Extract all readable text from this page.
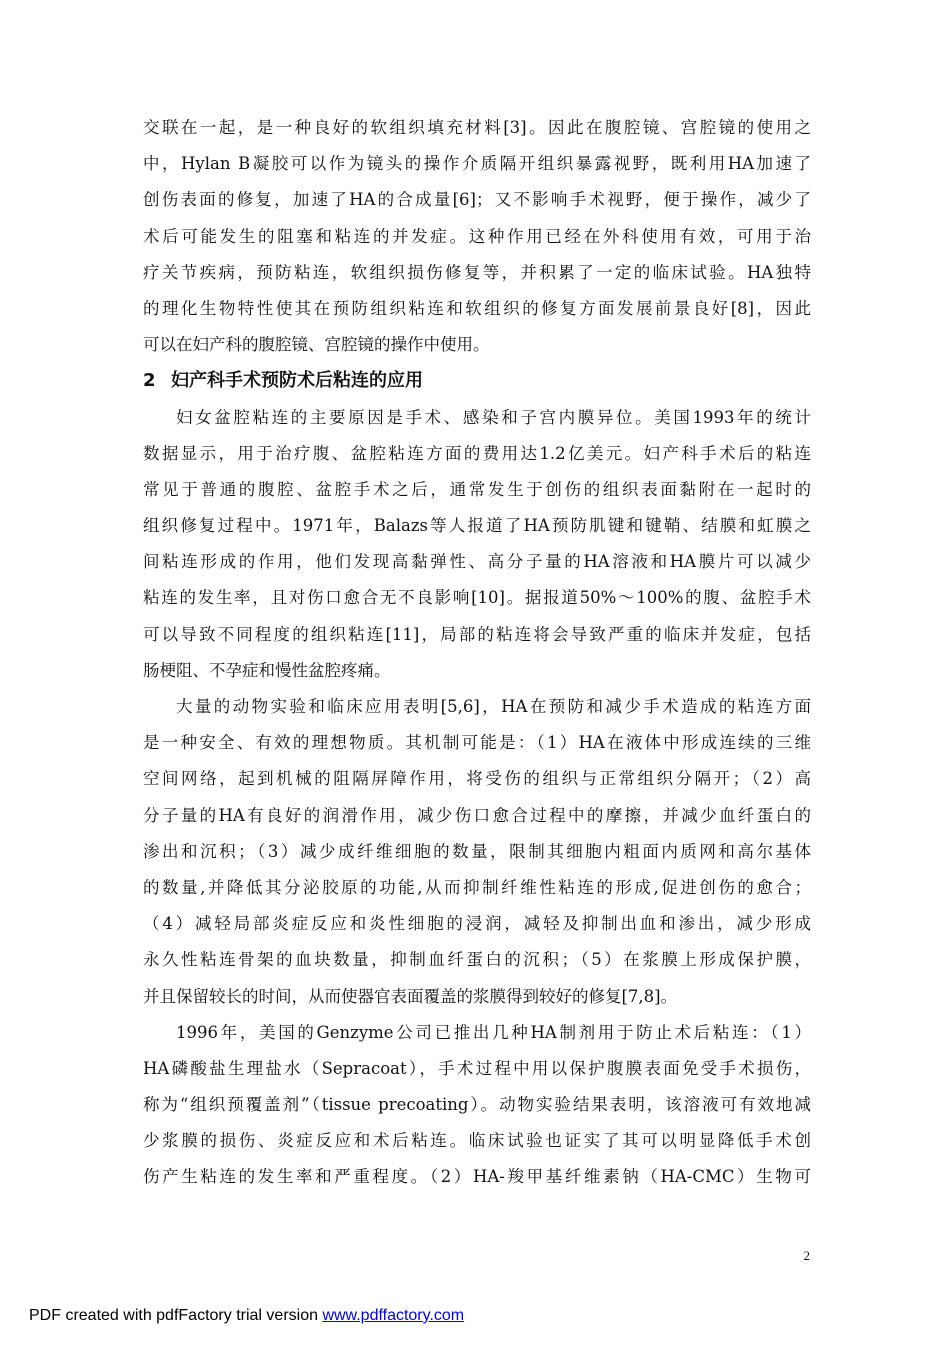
交联在一起，是一种良好的软组织填充材料[3]。因此在腹腔镜、宫腔镜的使用之
中，Hylan B凝胶可以作为镜头的操作介质隔开组织暴露视野，既利用HA加速了
创伤表面的修复，加速了HA的合成量[6]；又不影响手术视野，便于操作，减少了
术后可能发生的阻塞和粘连的并发症。这种作用已经在外科使用有效，可用于治
疗关节疾病，预防粘连，软组织损伤修复等，并积累了一定的临床试验。HA独特
的理化生物特性使其在预防组织粘连和软组织的修复方面发展前景良好[8]，因此
可以在妇产科的腹腔镜、宫腔镜的操作中使用。
2 妇产科手术预防术后粘连的应用
妇女盆腔粘连的主要原因是手术、感染和子宫内膜异位。美国1993年的统计
数据显示，用于治疗腹、盆腔粘连方面的费用达1.2亿美元。妇产科手术后的粘连
常见于普通的腹腔、盆腔手术之后，通常发生于创伤的组织表面黏附在一起时的
组织修复过程中。1971年，Balazs等人报道了HA预防肌键和键鞘、结膜和虹膜之
间粘连形成的作用，他们发现高黏弹性、高分子量的HA溶液和HA膜片可以减少
粘连的发生率，且对伤口愈合无不良影响[10]。据报道50%～100%的腹、盆腔手术
可以导致不同程度的组织粘连[11]，局部的粘连将会导致严重的临床并发症，包括
肠梗阻、不孕症和慢性盆腔疼痛。
大量的动物实验和临床应用表明[5,6]，HA在预防和减少手术造成的粘连方面
是一种安全、有效的理想物质。其机制可能是：（1）HA在液体中形成连续的三维
空间网络，起到机械的阻隔屏障作用，将受伤的组织与正常组织分隔开；（2）高
分子量的HA有良好的润滑作用，减少伤口愈合过程中的摩擦，并减少血纤蛋白的
渗出和沉积；（3）减少成纤维细胞的数量，限制其细胞内粗面内质网和高尔基体
的数量,并降低其分泌胶原的功能,从而抑制纤维性粘连的形成,促进创伤的愈合；
（4）减轻局部炎症反应和炎性细胞的浸润，减轻及抑制出血和渗出，减少形成
永久性粘连骨架的血块数量，抑制血纤蛋白的沉积；（5）在浆膜上形成保护膜，
并且保留较长的时间，从而使器官表面覆盖的浆膜得到较好的修复[7,8]。
1996年，美国的Genzyme公司已推出几种HA制剂用于防止术后粘连：（1）
HA磷酸盐生理盐水（Sepracoat），手术过程中用以保护腹膜表面免受手术损伤，
称为“组织预覆盖剂”（tissue precoating）。动物实验结果表明，该溶液可有效地减
少浆膜的损伤、炎症反应和术后粘连。临床试验也证实了其可以明显降低手术创
伤产生粘连的发生率和严重程度。（2）HA-羧甲基纤维素钠（HA-CMC）生物可
2
PDF created with pdfFactory trial version www.pdffactory.com
